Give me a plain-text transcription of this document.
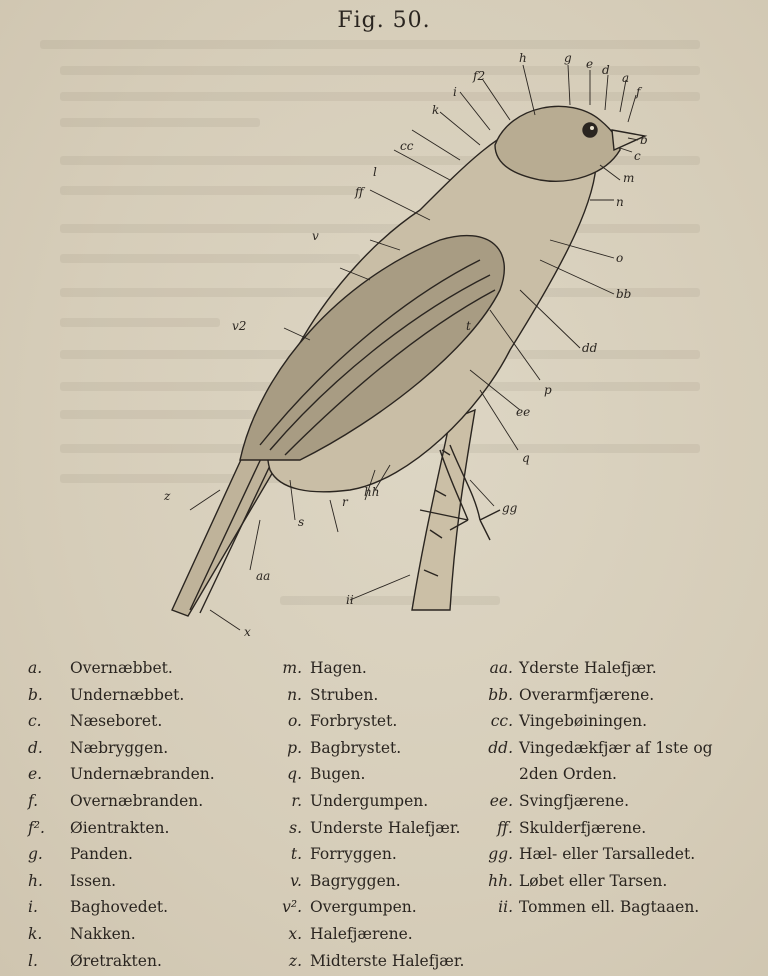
Fig. 50.
h	g e d
a
f
b
c
f2
i
k
cc
l
ff
v
v2
m
n
o
bb
dd
p
ee
q
gg
hh
r
s
ii
aa
z
x
t
a.	Overnæbbet.
b.	Undernæbbet.
c.	Næseboret.
d.	Næbryggen.
e.	Undernæbranden.
f.	Overnæbranden.
f².	Øientrakten.
g.	Panden.
h.	Issen.
i.	Baghovedet.
k.	Nakken.
l.	Øretrakten.
m. Hagen.
n. Struben.
o. Forbrystet.
p. Bagbrystet.
q. Bugen.
r. Undergumpen.
s. Underste Halefjær.
t. Forryggen.
v. Bagryggen.
v². Overgumpen.
x. Halefjærene.
z. Midterste Halefjær.
aa. Yderste Halefjær.
bb. Overarmfjærene.
cc. Vingebøiningen.
dd. Vingedækfjær af 1ste og 2den Orden.
ee. Svingfjærene.
ff. Skulderfjærene.
gg. Hæl- eller Tarsalledet.
hh. Løbet eller Tarsen.
ii. Tommen ell. Bagtaaen.
